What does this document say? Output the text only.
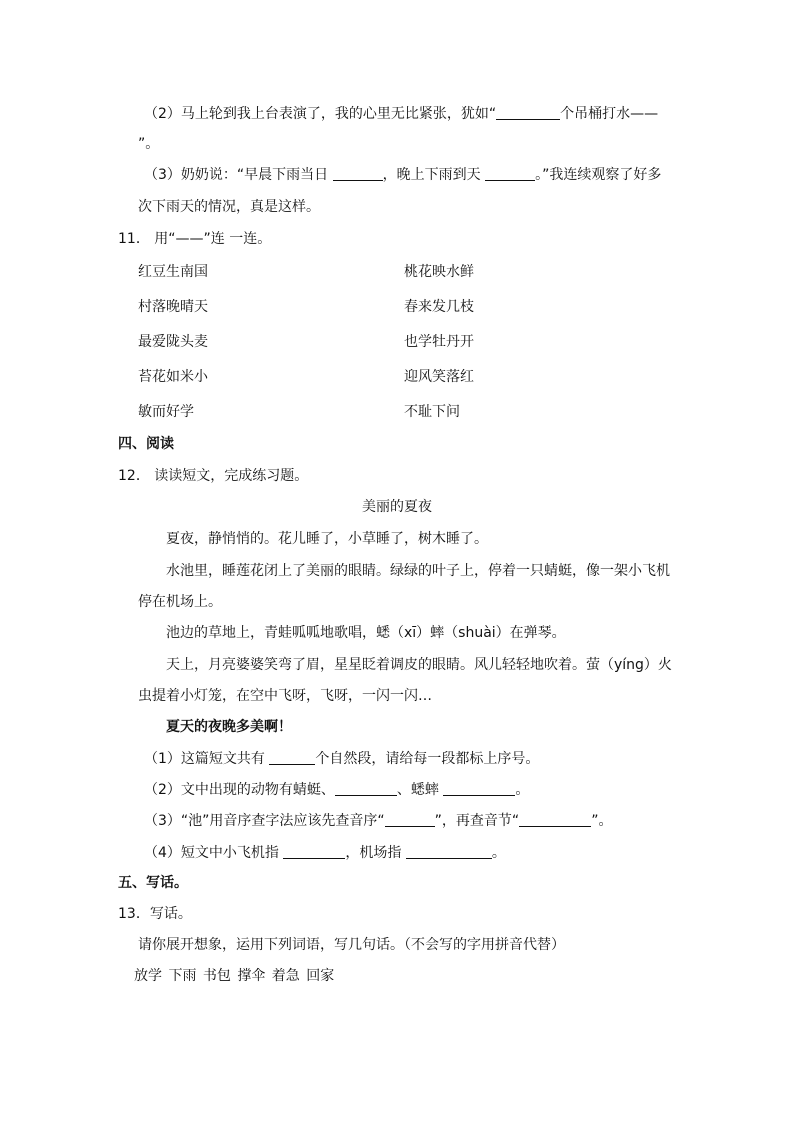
（2）马上轮到我上台表演了，我的心里无比紧张，犹如“	个吊桶打水——
”。
（3）奶奶说：“早晨下雨当日	，晚上下雨到天	。”我连续观察了好多
次下雨天的情况，真是这样。
11． 用“——”连 一连。
红豆生南国	桃花映水鲜
村落晚晴天	春来发几枝
最爱陇头麦	也学牡丹开
苔花如米小	迎风笑落红
敏而好学	不耻下问
四、阅读
12． 读读短文，完成练习题。
美丽的夏夜
夏夜，静悄悄的。花儿睡了，小草睡了，树木睡了。
水池里，睡莲花闭上了美丽的眼睛。绿绿的叶子上，停着一只蜻蜓，像一架小飞机
停在机场上。
池边的草地上，青蛙呱呱地歌唱，蟋（xī）蟀（shuài）在弹琴。
天上，月亮婆婆笑弯了眉，星星眨着调皮的眼睛。风儿轻轻地吹着。萤（yíng）火
虫提着小灯笼，在空中飞呀，飞呀，一闪一闪…
夏天的夜晚多美啊！
（1）这篇短文共有	个自然段，请给每一段都标上序号。
（2）文中出现的动物有蜻蜓、	、蟋蟀	。
（3）“池”用音序查字法应该先查音序“	”，再查音节“	”。
（4）短文中小飞机指	，机场指	。
五、写话。
13．写话。
请你展开想象，运用下列词语，写几句话。（不会写的字用拼音代替）
放学 下雨 书包 撑伞 着急 回家
